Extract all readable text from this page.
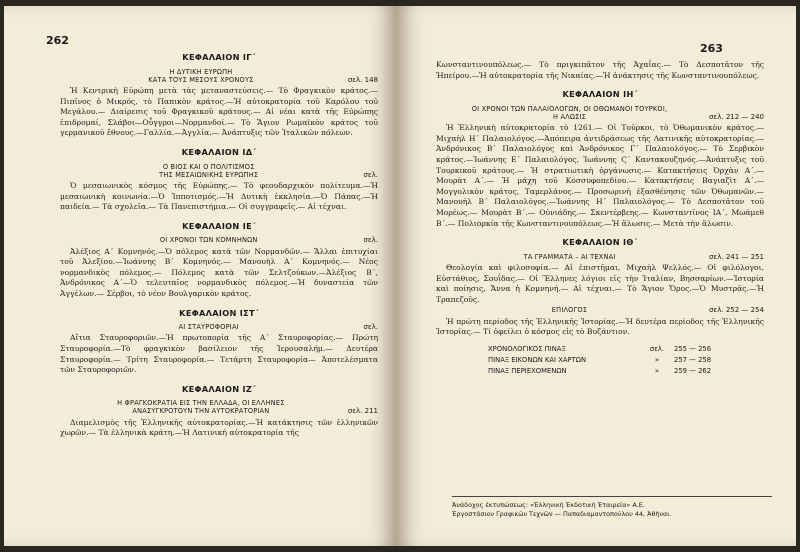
262
ΚΕΦΑΛΑΙΟΝ ΙΓ΄
Η ΔΥΤΙΚΗ ΕΥΡΩΠΗ
ΚΑΤΑ ΤΟΥΣ ΜΕΣΟΥΣ ΧΡΟΝΟΥΣ	σελ. 148
Ἡ Κεντρικὴ Εὐρώπη μετὰ τὰς μεταναστεύσεις.— Τὸ Φραγκικὸν κράτος.— Πιπῖνος ὁ Μικρός, τὸ Παπικὸν κράτος.—Ἡ αὐτοκρατορία τοῦ Καρόλου τοῦ Μεγάλου.— Διαίρεσις τοῦ Φραγκικοῦ κράτους.— Αἱ νέαι κατὰ τῆς Εὐρώπης ἐπιδρομαί, Σλάβοι—Οὖγγροι—Νορμανδοί.— Τὸ Ἅγιον Ρωμαϊκὸν κράτος τοῦ γερμανικοῦ ἔθνους.—Γαλλία.—Ἀγγλία.— Ἀνάπτυξις τῶν Ἰταλικῶν πόλεων.
ΚΕΦΑΛΑΙΟΝ ΙΔ΄
Ο ΒΙΟΣ ΚΑΙ Ο ΠΟΛΙΤΙΣΜΟΣ
ΤΗΣ ΜΕΣΑΙΩΝΙΚΗΣ ΕΥΡΩΠΗΣ	σελ.
Ὁ μεσαιωνικὸς κόσμος τῆς Εὐρώπης.— Τὸ φεουδαρχικὸν πολίτευμα.—Ἡ μεσαιωνικὴ κοινωνία.—Ὁ Ἱπποτισμός.—Ἡ Δυτικὴ ἐκκλησία.—Ὁ Πάπας.—Ἡ παιδεία.— Τὰ σχολεῖα.— Τὰ Πανεπιστήμια.— Οἱ συγγραφεῖς.— Αἱ τέχναι.
ΚΕΦΑΛΑΙΟΝ ΙΕ΄
ΟΙ ΧΡΟΝΟΙ ΤΩΝ ΚΟΜΝΗΝΩΝ	σελ.
Ἀλέξιος Α΄ Κομνηνός.—Ὁ πόλεμος κατὰ τῶν Νορμανδῶν.— Ἄλλαι ἐπιτυχίαι τοῦ Ἀλεξίου.—Ἰωάννης Β΄ Κομνηνός.— Μανουὴλ Α΄ Κομνηνός.— Νέος νορμανδικὸς πόλεμος.— Πόλεμος κατὰ τῶν Σελτζούκων.—Ἀλέξιος Β΄, Ἀνδρόνικος Α΄—Ὁ τελευταῖος νορμανδικὸς πόλεμος.—Ἡ δυναστεία τῶν Ἀγγέλων.— Σέρβοι, τὸ νέον Βουλγαρικὸν κράτος.
ΚΕΦΑΛΑΙΟΝ ΙΣΤ΄
ΑΙ ΣΤΑΥΡΟΦΟΡΙΑΙ	σελ.
Αἴτια Σταυροφοριῶν.—Ἡ πρωτοπορία τῆς Α΄ Σταυροφορίας.— Πρώτη Σταυροφορία.—Τὸ φραγκικὸν βασίλειον τῆς Ἱερουσαλήμ.— Δευτέρα Σταυροφορία.— Τρίτη Σταυροφορία.— Τετάρτη Σταυροφορία— Ἀποτελέσματα τῶν Σταυροφοριῶν.
ΚΕΦΑΛΑΙΟΝ ΙΖ΄
Η ΦΡΑΓΚΟΚΡΑΤΙΑ ΕΙΣ ΤΗΝ ΕΛΛΑΔΑ, ΟΙ ΕΛΛΗΝΕΣ
ΑΝΑΣΥΓΚΡΟΤΟΥΝ ΤΗΝ ΑΥΤΟΚΡΑΤΟΡΙΑΝ	σελ. 211
Διαμελισμὸς τῆς Ἑλληνικῆς αὐτοκρατορίας.—Ἡ κατάκτησις τῶν ἑλληνικῶν χωρῶν.— Τὰ ἑλληνικὰ κράτη.—Ἡ Λατινικὴ αὐτοκρατορία τῆς
263
Κωνσταντινουπόλεως.— Τὸ πριγκιπᾶτον τῆς Ἀχαΐας.— Τὸ Δεσποτᾶτον τῆς Ἠπείρου.—Ἡ αὐτοκρατορία τῆς Νικαίας.—Ἡ ἀνάκτησις τῆς Κωνσταντινουπόλεως.
ΚΕΦΑΛΑΙΟΝ ΙΗ΄
ΟΙ ΧΡΟΝΟΙ ΤΩΝ ΠΑΛΑΙΟΛΟΓΩΝ, ΟΙ ΟΘΩΜΑΝΟΙ ΤΟΥΡΚΟΙ,
Η ΑΛΩΣΙΣ	σελ. 212 — 240
Ἡ Ἑλληνικὴ αὐτοκρατορία τὸ 1261.— Οἱ Τοῦρκοι, τὸ Ὀθωμανικὸν κράτος.— Μιχαὴλ Η΄ Παλαιολόγος.—Ἀπόπειρα ἀντιδράσεως τῆς Λατινικῆς αὐτοκρατορίας.—Ἀνδρόνικος Β΄ Παλαιολόγος καὶ Ἀνδρόνικος Γ΄ Παλαιολόγος.— Τὸ Σερβικὸν κράτος.—Ἰωάννης Ε΄ Παλαιολόγος, Ἰωάννης Ϛ΄ Καντακουζηνός.—Ἀνάπτυξις τοῦ Τουρκικοῦ κράτους.— Ἡ στρατιωτικὴ ὀργάνωσις.— Κατακτήσεις Ὀρχὰν Α΄.— Μουρὰτ Α΄.— Ἡ μάχη τοῦ Κοσσυφοπεδίου.— Κατακτήσεις Βαγιαζὶτ Α΄.— Μογγολικὸν κράτος, Ταμερλάνος.— Προσωρινὴ ἐξασθένησις τῶν Ὀθωμανῶν.— Μανουὴλ Β΄ Παλαιολόγος.—Ἰωάννης Η΄ Παλαιολόγος.— Τὸ Δεσποτᾶτον τοῦ Μορέως.— Μουρὰτ Β΄.— Οὐνιάδης.— Σκεντέρβεης.— Κωνσταντῖνος ΙΑ΄, Μωάμεθ Β΄.— Πολιορκία τῆς Κωνσταντινουπόλεως.—Ἡ ἅλωσις.— Μετὰ τὴν ἅλωσιν.
ΚΕΦΑΛΑΙΟΝ ΙΘ΄
ΤΑ ΓΡΑΜΜΑΤΑ – ΑΙ ΤΕΧΝΑΙ	σελ. 241 — 251
Θεολογία καὶ φιλοσοφία.— Αἱ ἐπιστῆμαι, Μιχαὴλ Ψελλός.— Οἱ φιλόλογοι, Εὐστάθιος, Σουΐδας.— Οἱ Ἕλληνες λόγιοι εἰς τὴν Ἰταλίαν, Βησσαρίων.—Ἱστορία καὶ ποίησις, Ἄννα ἡ Κομνηνή.— Αἱ τέχναι.— Τὸ Ἅγιον Ὄρος.—Ὁ Μυστρᾶς.—Ἡ Τραπεζοῦς.
ΕΠΙΛΟΓΟΣ	σελ. 252 — 254
Ἡ πρώτη περίοδος τῆς Ἑλληνικῆς Ἱστορίας.—Ἡ δευτέρα περίοδος τῆς Ἑλληνικῆς Ἱστορίας.— Τί ὀφείλει ὁ κόσμος εἰς τὸ Βυζάντιον.
ΧΡΟΝΟΛΟΓΙΚΟΣ ΠΙΝΑΞ	σελ.	255 — 256
ΠΙΝΑΞ ΕΙΚΟΝΩΝ ΚΑΙ ΧΑΡΤΩΝ	»	257 — 258
ΠΙΝΑΞ ΠΕΡΙΕΧΟΜΕΝΩΝ	»	259 — 262
Ἀνάδοχος ἐκτυπώσεως: «Ἑλληνικὴ Ἐκδοτικὴ Ἑταιρεία» Α.Ε.
Ἐργοστάσιον Γραφικῶν Τεχνῶν — Παπαδιαμαντοπούλου 44, Ἀθῆναι.
